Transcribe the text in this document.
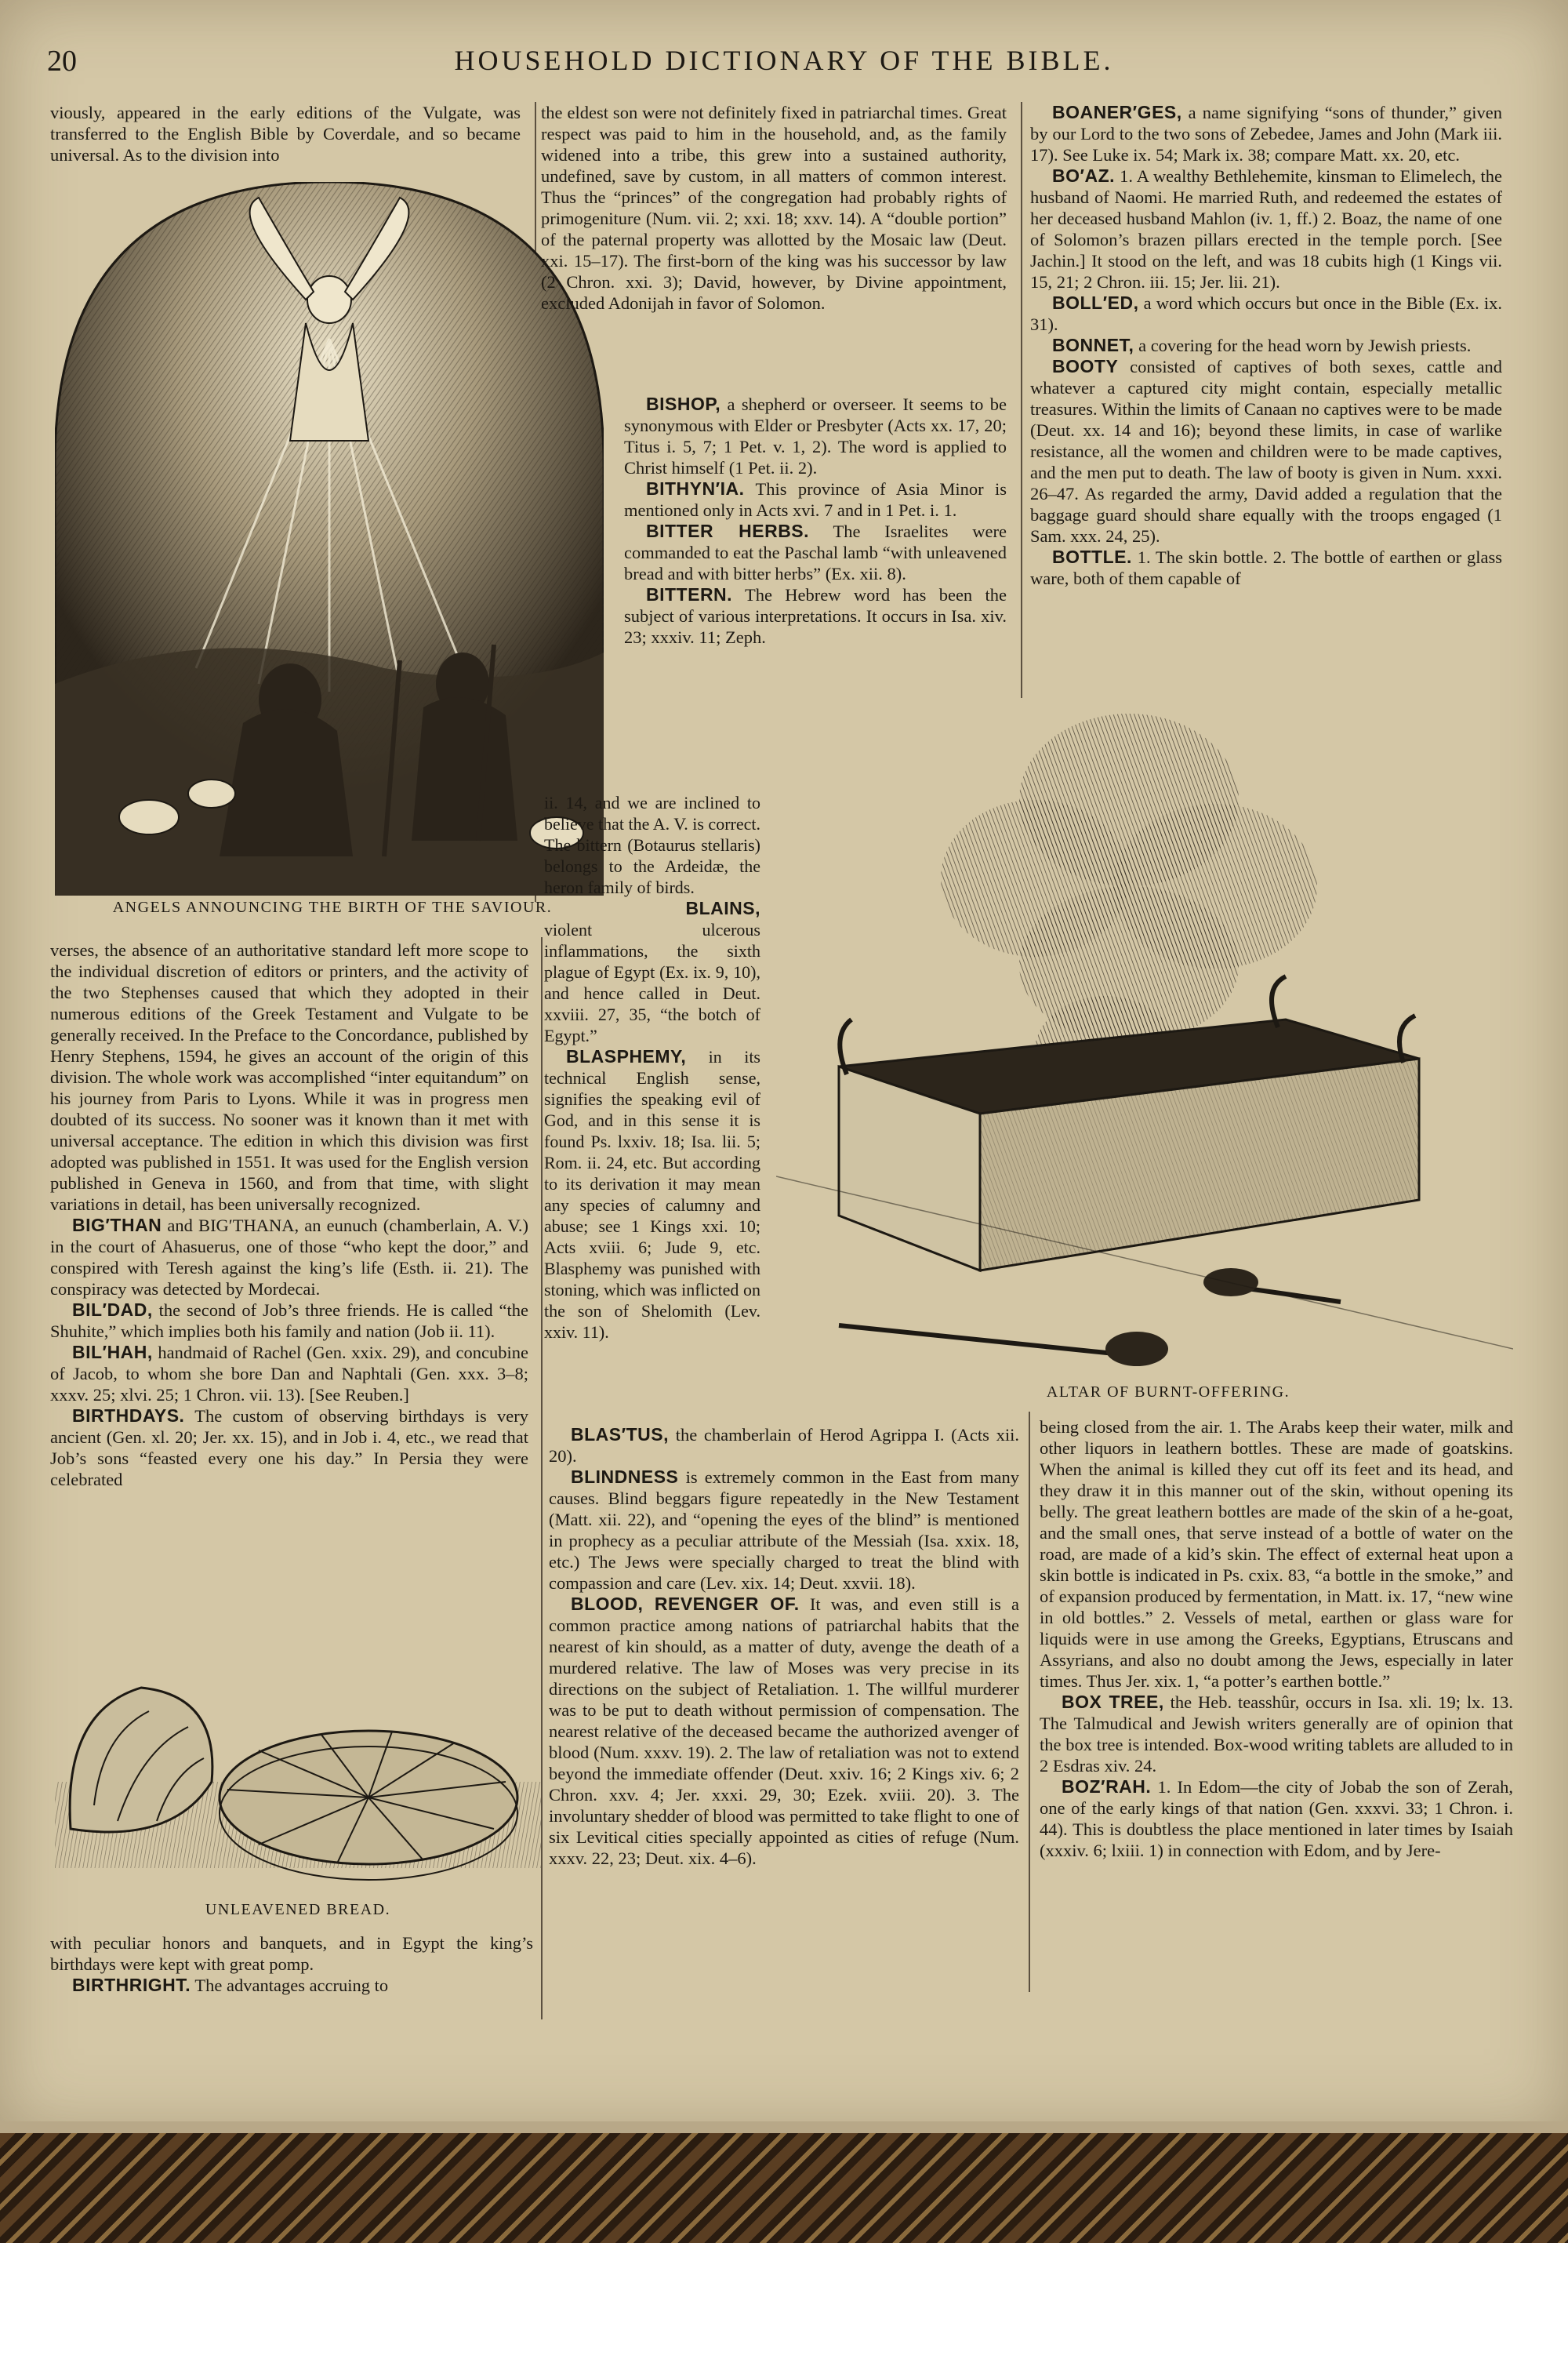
20	HOUSEHOLD DICTIONARY OF THE BIBLE.

viously, appeared in the early editions of the Vulgate, was transferred to the English Bible by Coverdale, and so became universal. As to the division into

ANGELS ANNOUNCING THE BIRTH OF THE SAVIOUR.

the eldest son were not definitely fixed in patriarchal times. Great respect was paid to him in the household, and, as the family widened into a tribe, this grew into a sustained authority, undefined, save by custom, in all matters of common interest. Thus the “princes” of the congregation had probably rights of primogeniture (Num. vii. 2; xxi. 18; xxv. 14). A “double portion” of the paternal property was allotted by the Mosaic law (Deut. xxi. 15–17). The first-born of the king was his successor by law (2 Chron. xxi. 3); David, however, by Divine appointment, excluded Adonijah in favor of Solomon.

BISHOP, a shepherd or overseer. It seems to be synonymous with Elder or Presbyter (Acts xx. 17, 20; Titus i. 5, 7; 1 Pet. v. 1, 2). The word is applied to Christ himself (1 Pet. ii. 2).

BITHYN′IA. This province of Asia Minor is mentioned only in Acts xvi. 7 and in 1 Pet. i. 1.

BITTER HERBS. The Israelites were commanded to eat the Paschal lamb “with unleavened bread and with bitter herbs” (Ex. xii. 8).

BITTERN. The Hebrew word has been the subject of various interpretations. It occurs in Isa. xiv. 23; xxxiv. 11; Zeph.

ii. 14, and we are inclined to believe that the A. V. is correct. The bittern (Botaurus stellaris) belongs to the Ardeidæ, the heron family of birds.

BLAINS,

violent ulcerous inflammations, the sixth plague of Egypt (Ex. ix. 9, 10), and hence called in Deut. xxviii. 27, 35, “the botch of Egypt.”

BLASPHEMY, in its technical English sense, signifies the speaking evil of God, and in this sense it is found Ps. lxxiv. 18; Isa. lii. 5; Rom. ii. 24, etc. But according to its derivation it may mean any species of calumny and abuse; see 1 Kings xxi. 10; Acts xviii. 6; Jude 9, etc. Blasphemy was punished with stoning, which was inflicted on the son of Shelomith (Lev. xxiv. 11).

BOANER′GES, a name signifying “sons of thunder,” given by our Lord to the two sons of Zebedee, James and John (Mark iii. 17). See Luke ix. 54; Mark ix. 38; compare Matt. xx. 20, etc.

BO′AZ. 1. A wealthy Bethlehemite, kinsman to Elimelech, the husband of Naomi. He married Ruth, and redeemed the estates of her deceased husband Mahlon (iv. 1, ff.) 2. Boaz, the name of one of Solomon’s brazen pillars erected in the temple porch. [See Jachin.] It stood on the left, and was 18 cubits high (1 Kings vii. 15, 21; 2 Chron. iii. 15; Jer. lii. 21).

BOLL′ED, a word which occurs but once in the Bible (Ex. ix. 31).

BONNET, a covering for the head worn by Jewish priests.

BOOTY consisted of captives of both sexes, cattle and whatever a captured city might contain, especially metallic treasures. Within the limits of Canaan no captives were to be made (Deut. xx. 14 and 16); beyond these limits, in case of warlike resistance, all the women and children were to be made captives, and the men put to death. The law of booty is given in Num. xxxi. 26–47. As regarded the army, David added a regulation that the baggage guard should share equally with the troops engaged (1 Sam. xxx. 24, 25).

BOTTLE. 1. The skin bottle. 2. The bottle of earthen or glass ware, both of them capable of

ALTAR OF BURNT-OFFERING.

verses, the absence of an authoritative standard left more scope to the individual discretion of editors or printers, and the activity of the two Stephenses caused that which they adopted in their numerous editions of the Greek Testament and Vulgate to be generally received. In the Preface to the Concordance, published by Henry Stephens, 1594, he gives an account of the origin of this division. The whole work was accomplished “inter equitandum” on his journey from Paris to Lyons. While it was in progress men doubted of its success. No sooner was it known than it met with universal acceptance. The edition in which this division was first adopted was published in 1551. It was used for the English version published in Geneva in 1560, and from that time, with slight variations in detail, has been universally recognized.

BIG′THAN and BIG′THANA, an eunuch (chamberlain, A. V.) in the court of Ahasuerus, one of those “who kept the door,” and conspired with Teresh against the king’s life (Esth. ii. 21). The conspiracy was detected by Mordecai.

BIL′DAD, the second of Job’s three friends. He is called “the Shuhite,” which implies both his family and nation (Job ii. 11).

BIL′HAH, handmaid of Rachel (Gen. xxix. 29), and concubine of Jacob, to whom she bore Dan and Naphtali (Gen. xxx. 3–8; xxxv. 25; xlvi. 25; 1 Chron. vii. 13). [See Reuben.]

BIRTHDAYS. The custom of observing birthdays is very ancient (Gen. xl. 20; Jer. xx. 15), and in Job i. 4, etc., we read that Job’s sons “feasted every one his day.” In Persia they were celebrated

UNLEAVENED BREAD.

with peculiar honors and banquets, and in Egypt the king’s birthdays were kept with great pomp.

BIRTHRIGHT. The advantages accruing to

BLAS′TUS, the chamberlain of Herod Agrippa I. (Acts xii. 20).

BLINDNESS is extremely common in the East from many causes. Blind beggars figure repeatedly in the New Testament (Matt. xii. 22), and “opening the eyes of the blind” is mentioned in prophecy as a peculiar attribute of the Messiah (Isa. xxix. 18, etc.) The Jews were specially charged to treat the blind with compassion and care (Lev. xix. 14; Deut. xxvii. 18).

BLOOD, REVENGER OF. It was, and even still is a common practice among nations of patriarchal habits that the nearest of kin should, as a matter of duty, avenge the death of a murdered relative. The law of Moses was very precise in its directions on the subject of Retaliation. 1. The willful murderer was to be put to death without permission of compensation. The nearest relative of the deceased became the authorized avenger of blood (Num. xxxv. 19). 2. The law of retaliation was not to extend beyond the immediate offender (Deut. xxiv. 16; 2 Kings xiv. 6; 2 Chron. xxv. 4; Jer. xxxi. 29, 30; Ezek. xviii. 20). 3. The involuntary shedder of blood was permitted to take flight to one of six Levitical cities specially appointed as cities of refuge (Num. xxxv. 22, 23; Deut. xix. 4–6).

being closed from the air. 1. The Arabs keep their water, milk and other liquors in leathern bottles. These are made of goatskins. When the animal is killed they cut off its feet and its head, and they draw it in this manner out of the skin, without opening its belly. The great leathern bottles are made of the skin of a he-goat, and the small ones, that serve instead of a bottle of water on the road, are made of a kid’s skin. The effect of external heat upon a skin bottle is indicated in Ps. cxix. 83, “a bottle in the smoke,” and of expansion produced by fermentation, in Matt. ix. 17, “new wine in old bottles.” 2. Vessels of metal, earthen or glass ware for liquids were in use among the Greeks, Egyptians, Etruscans and Assyrians, and also no doubt among the Jews, especially in later times. Thus Jer. xix. 1, “a potter’s earthen bottle.”

BOX TREE, the Heb. teasshûr, occurs in Isa. xli. 19; lx. 13. The Talmudical and Jewish writers generally are of opinion that the box tree is intended. Box-wood writing tablets are alluded to in 2 Esdras xiv. 24.

BOZ′RAH. 1. In Edom—the city of Jobab the son of Zerah, one of the early kings of that nation (Gen. xxxvi. 33; 1 Chron. i. 44). This is doubtless the place mentioned in later times by Isaiah (xxxiv. 6; lxiii. 1) in connection with Edom, and by Jere-
